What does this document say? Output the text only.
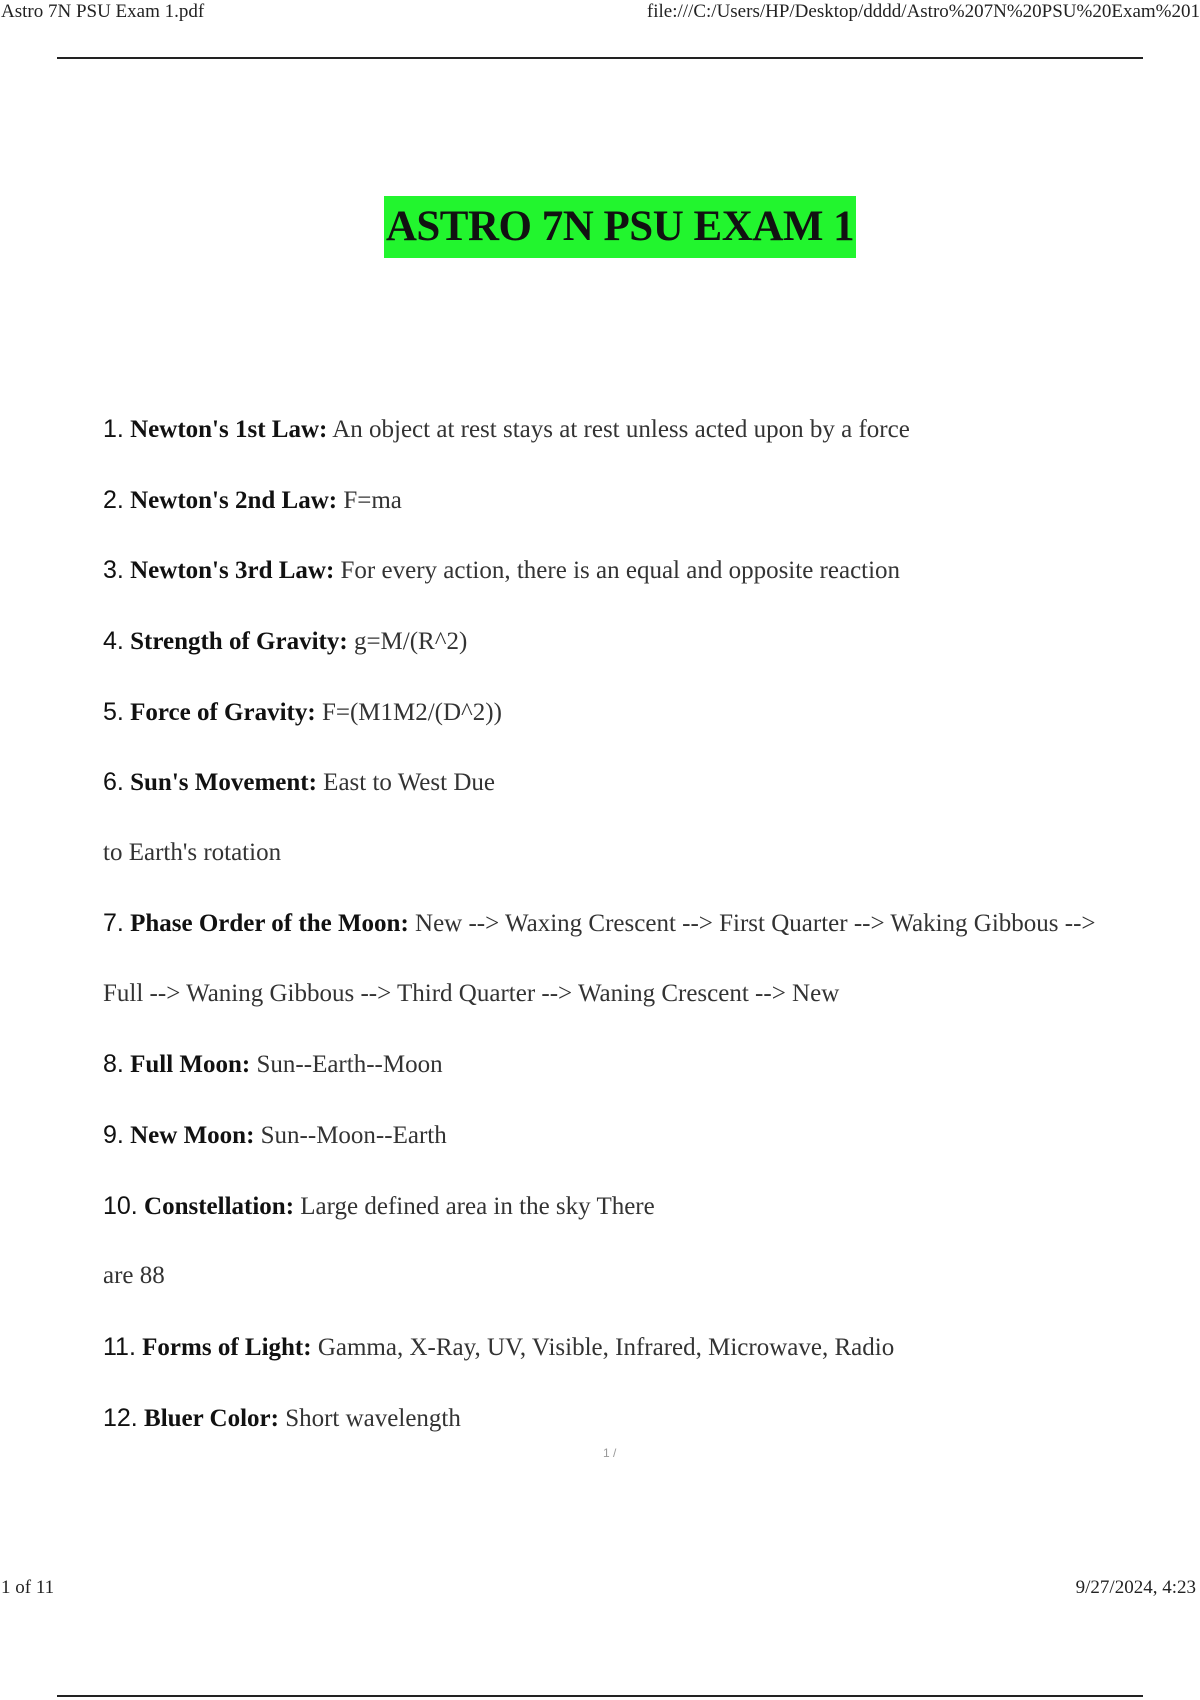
Astro 7N PSU Exam 1.pdf	file:///C:/Users/HP/Desktop/dddd/Astro%207N%20PSU%20Exam%201
ASTRO 7N PSU EXAM 1
1. Newton's 1st Law: An object at rest stays at rest unless acted upon by a force
2. Newton's 2nd Law: F=ma
3. Newton's 3rd Law: For every action, there is an equal and opposite reaction
4. Strength of Gravity: g=M/(R^2)
5. Force of Gravity: F=(M1M2/(D^2))
6. Sun's Movement: East to West Due
to Earth's rotation
7. Phase Order of the Moon: New --> Waxing Crescent --> First Quarter --> Waking Gibbous -->
Full --> Waning Gibbous --> Third Quarter --> Waning Crescent --> New
8. Full Moon: Sun--Earth--Moon
9. New Moon: Sun--Moon--Earth
10. Constellation: Large defined area in the sky There
are 88
11. Forms of Light: Gamma, X-Ray, UV, Visible, Infrared, Microwave, Radio
12. Bluer Color: Short wavelength
1 /
1 of 11	9/27/2024, 4:23
